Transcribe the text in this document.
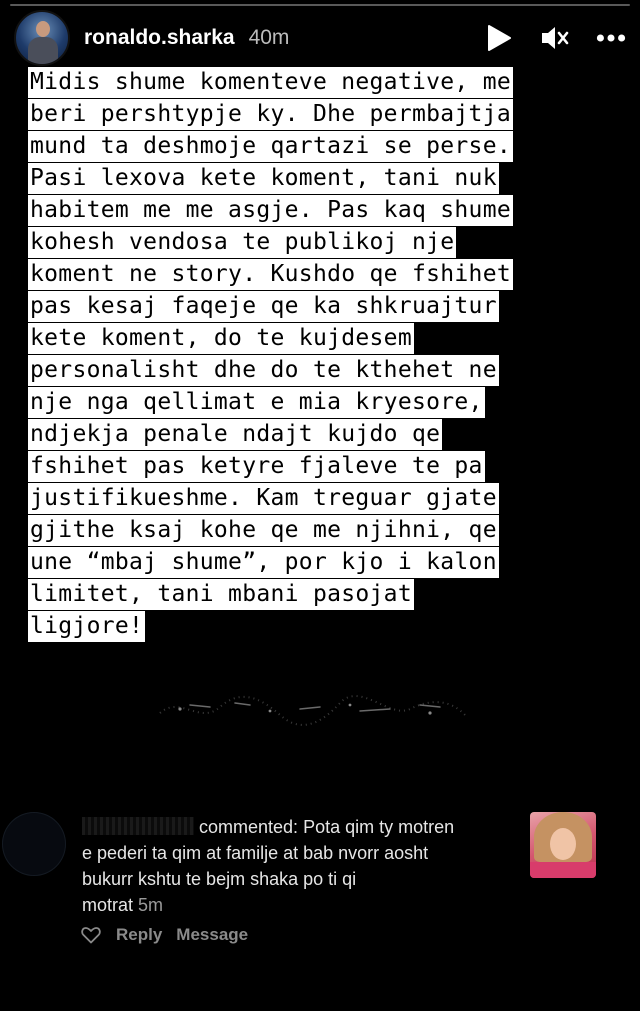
ronaldo.sharka 40m
Midis shume komenteve negative, me
beri pershtypje ky. Dhe permbajtja
mund ta deshmoje qartazi se perse.
Pasi lexova kete koment, tani nuk
habitem me me asgje. Pas kaq shume
kohesh vendosa te publikoj nje
koment ne story. Kushdo qe fshihet
pas kesaj faqeje qe ka shkruajtur
kete koment, do te kujdesem
personalisht dhe do te kthehet ne
nje nga qellimat e mia kryesore,
ndjekja penale ndajt kujdo qe
fshihet pas ketyre fjaleve te pa
justifikueshme. Kam treguar gjate
gjithe ksaj kohe qe me njihni, qe
une “mbaj shume”, por kjo i kalon
limitet, tani mbani pasojat
ligjore!
commented: Pota qim ty motren
e pederi ta qim at familje at bab nvorr aosht
bukurr kshtu te bejm shaka po ti qi
motrat 5m
Reply Message
